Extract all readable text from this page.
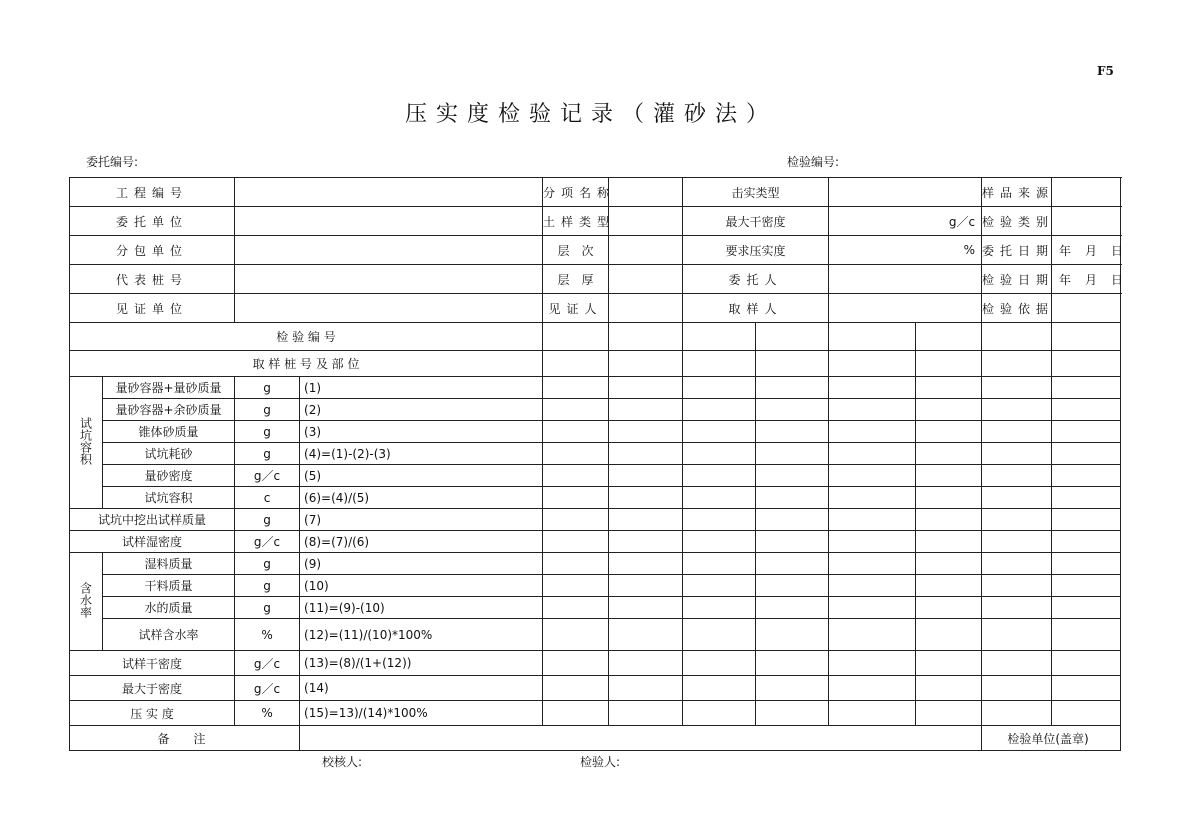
F5
压实度检验记录（灌砂法）
委托编号:	检验编号:
工程编号				分项名称		击实类型				样品来源	
委托单位				土样类型		最大干密度		g／c		检验类别	
分包单位				层　次		要求压实度		%		委托日期	年 月 日
代表桩号				层　厚		委托人				检验日期	年 月 日
见证单位				见证人		取样人				检验依据	
检 验 编 号											
取 样 桩 号 及 部 位											
试坑容积	量砂容器+量砂质量	g	(1)								
	量砂容器+余砂质量	g	(2)								
	锥体砂质量	g	(3)								
	试坑耗砂	g	(4)=(1)-(2)-(3)								
	量砂密度	g／c	(5)								
	试坑容积	c	(6)=(4)/(5)								
试坑中挖出试样质量		g	(7)								
试样湿密度		g／c	(8)=(7)/(6)								
含水率	湿料质量	g	(9)								
	干料质量	g	(10)								
	水的质量	g	(11)=(9)-(10)								
	试样含水率	%	(12)=(11)/(10)*100%								
试样干密度		g／c	(13)=(8)/(1+(12))								
最大于密度		g／c	(14)								
压 实 度		%	(15)=13)/(14)*100%								
备　注										检验单位(盖章)	
校核人:	检验人:
